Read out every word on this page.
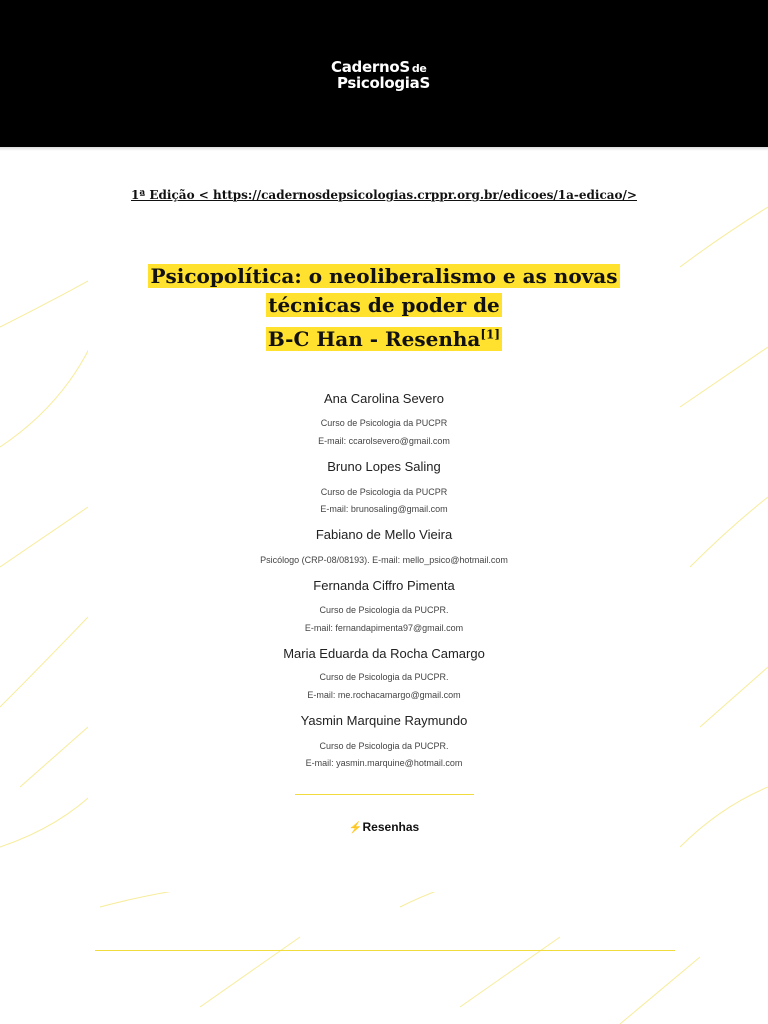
CadernoS de
PsicologiaS
1ª Edição < https://cadernosdepsicologias.crppr.org.br/edicoes/1a-edicao/>
Psicopolítica: o neoliberalismo e as novas
técnicas de poder de
B-C Han - Resenha[1]
Ana Carolina Severo
Curso de Psicologia da PUCPR
E-mail: ccarolsevero@gmail.com
Bruno Lopes Saling
Curso de Psicologia da PUCPR
E-mail: brunosaling@gmail.com
Fabiano de Mello Vieira
Psicólogo (CRP-08/08193). E-mail: mello_psico@hotmail.com
Fernanda Ciffro Pimenta
Curso de Psicologia da PUCPR.
E-mail: fernandapimenta97@gmail.com
Maria Eduarda da Rocha Camargo
Curso de Psicologia da PUCPR.
E-mail: me.rochacamargo@gmail.com
Yasmin Marquine Raymundo
Curso de Psicologia da PUCPR.
E-mail: yasmin.marquine@hotmail.com
⚡Resenhas
